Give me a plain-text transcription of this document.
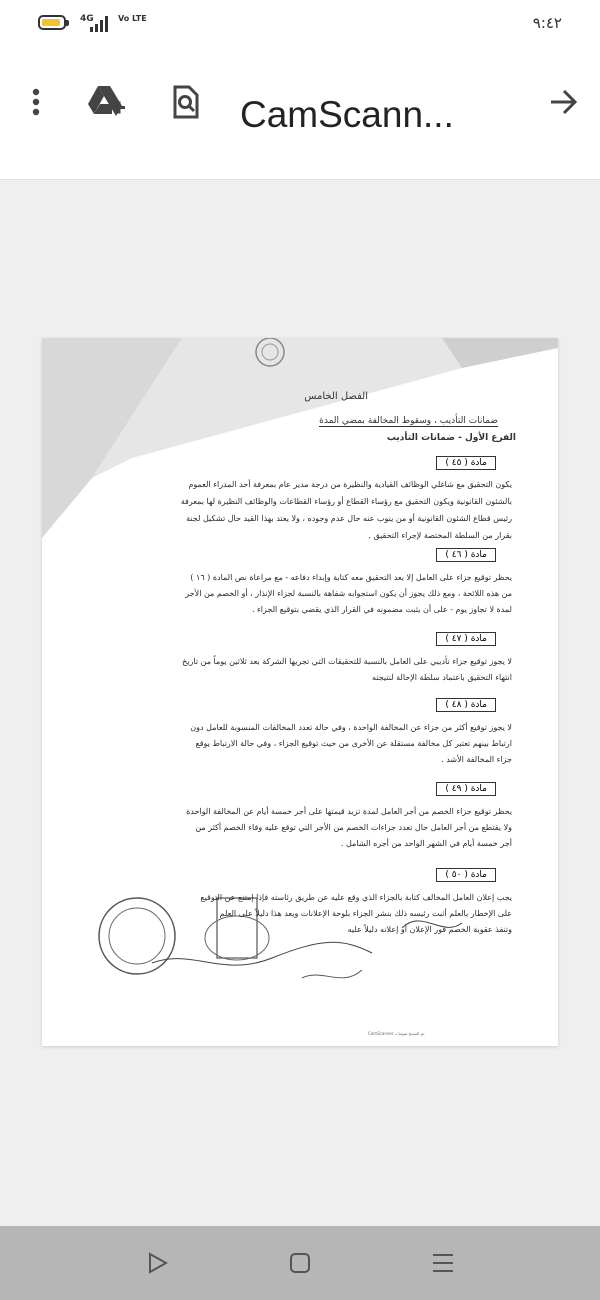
4G	Vo LTE	٩:٤٢
CamScann...
الفصل الخامس
ضمانات التأديب ، وسقوط المخالفة بمضي المدة
الفرع الأول - ضمانات التأديب
مادة ( ٤٥ )
يكون التحقيق مع شاغلي الوظائف القيادية والنظيرة من درجة مدير عام بمعرفة أحد المدراء العموم
بالشئون القانونية ويكون التحقيق مع رؤساء القطاع أو رؤساء القطاعات والوظائف النظيرة لها بمعرفة
رئيس قطاع الشئون القانونية أو من ينوب عنه حال عدم وجوده ، ولا يعتد بهذا القيد حال تشكيل لجنة
بقرار من السلطة المختصة لإجراء التحقيق .
مادة ( ٤٦ )
يحظر توقيع جزاء على العامل إلا بعد التحقيق معه كتابة وإبداء دفاعه - مع مراعاة نص المادة ( ١٦ )
من هذه اللائحة ، ومع ذلك يجوز أن يكون استجوابه شفاهة بالنسبة لجزاء الإنذار ، أو الخصم من الأجر
لمدة لا تجاوز يوم - على أن يثبت مضمونه في القرار الذي يقضي بتوقيع الجزاء .
مادة ( ٤٧ )
لا يجوز توقيع جزاء تأديبي على العامل بالنسبة للتحقيقات التي تجريها الشركة بعد ثلاثين يوماً من تاريخ
انتهاء التحقيق باعتماد سلطة الإحالة لنتيجته
مادة ( ٤٨ )
لا يجوز توقيع أكثر من جزاء عن المخالفة الواحدة ، وفي حالة تعدد المخالفات المنسوبة للعامل دون
ارتباط بينهم تعتبر كل مخالفة مستقلة عن الأخرى من حيث توقيع الجزاء ، وفي حالة الارتباط يوقع
جزاء المخالفة الأشد .
مادة ( ٤٩ )
يحظر توقيع جزاء الخصم من أجر العامل لمدة تزيد قيمتها على أجر خمسة أيام عن المخالفة الواحدة
ولا يقتطع من أجر العامل حال تعدد جزاءات الخصم من الأجر التي توقع عليه وفاء الخصم أكثر من
أجر خمسة أيام في الشهر الواحد من أجره الشامل .
مادة ( ٥٠ )
يجب إعلان العامل المخالف كتابة بالجزاء الذي وقع عليه عن طريق رئاسته فإذا إمتنع عن التوقيع
على الإخطار بالعلم أثبت رئيسه ذلك بنشر الجزاء بلوحة الإعلانات ويعد هذا دليلاً على العلم
وتنفذ عقوبة الخصم فور الإعلان أو إعلانه دليلاً عليه
CamScanner تم المسح ضوئيا بـ
